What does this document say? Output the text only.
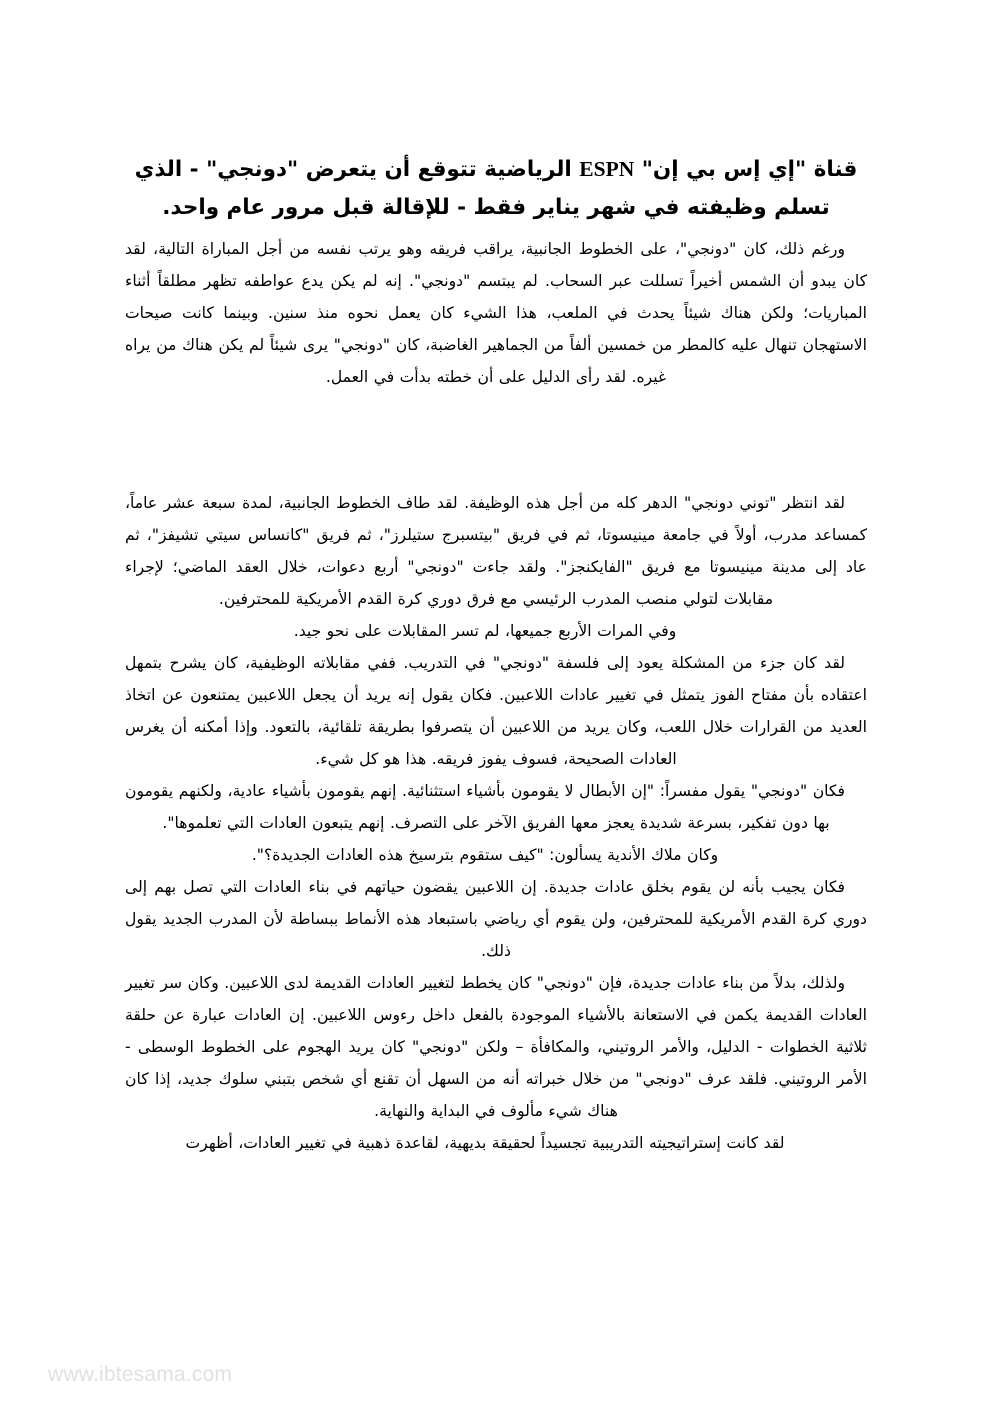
قناة "إي إس بي إن" ESPN الرياضية تتوقع أن يتعرض "دونجي" - الذي تسلم وظيفته في شهر يناير فقط - للإقالة قبل مرور عام واحد.

ورغم ذلك، كان "دونجي"، على الخطوط الجانبية، يراقب فريقه وهو يرتب نفسه من أجل المباراة التالية، لقد كان يبدو أن الشمس أخيراً تسللت عبر السحاب. لم يبتسم "دونجي". إنه لم يكن يدع عواطفه تظهر مطلقاً أثناء المباريات؛ ولكن هناك شيئاً يحدث في الملعب، هذا الشيء كان يعمل نحوه منذ سنين. وبينما كانت صيحات الاستهجان تنهال عليه كالمطر من خمسين ألفاً من الجماهير الغاضبة، كان "دونجي" يرى شيئاً لم يكن هناك من يراه غيره. لقد رأى الدليل على أن خطته بدأت في العمل.

لقد انتظر "توني دونجي" الدهر كله من أجل هذه الوظيفة. لقد طاف الخطوط الجانبية، لمدة سبعة عشر عاماً، كمساعد مدرب، أولاً في جامعة مينيسوتا، ثم في فريق "بيتسبرج ستيلرز"، ثم فريق "كانساس سيتي تشيفز"، ثم عاد إلى مدينة مينيسوتا مع فريق "الفايكنجز". ولقد جاءت "دونجي" أربع دعوات، خلال العقد الماضي؛ لإجراء مقابلات لتولي منصب المدرب الرئيسي مع فرق دوري كرة القدم الأمريكية للمحترفين.

وفي المرات الأربع جميعها، لم تسر المقابلات على نحو جيد.

لقد كان جزء من المشكلة يعود إلى فلسفة "دونجي" في التدريب. ففي مقابلاته الوظيفية، كان يشرح بتمهل اعتقاده بأن مفتاح الفوز يتمثل في تغيير عادات اللاعبين. فكان يقول إنه يريد أن يجعل اللاعبين يمتنعون عن اتخاذ العديد من القرارات خلال اللعب، وكان يريد من اللاعبين أن يتصرفوا بطريقة تلقائية، بالتعود. وإذا أمكنه أن يغرس العادات الصحيحة، فسوف يفوز فريقه. هذا هو كل شيء.

فكان "دونجي" يقول مفسراً: "إن الأبطال لا يقومون بأشياء استثنائية. إنهم يقومون بأشياء عادية، ولكنهم يقومون بها دون تفكير، بسرعة شديدة يعجز معها الفريق الآخر على التصرف. إنهم يتبعون العادات التي تعلموها".

وكان ملاك الأندية يسألون: "كيف ستقوم بترسيخ هذه العادات الجديدة؟".

فكان يجيب بأنه لن يقوم بخلق عادات جديدة. إن اللاعبين يقضون حياتهم في بناء العادات التي تصل بهم إلى دوري كرة القدم الأمريكية للمحترفين، ولن يقوم أي رياضي باستبعاد هذه الأنماط ببساطة لأن المدرب الجديد يقول ذلك.

ولذلك، بدلاً من بناء عادات جديدة، فإن "دونجي" كان يخطط لتغيير العادات القديمة لدى اللاعبين. وكان سر تغيير العادات القديمة يكمن في الاستعانة بالأشياء الموجودة بالفعل داخل رءوس اللاعبين. إن العادات عبارة عن حلقة ثلاثية الخطوات - الدليل، والأمر الروتيني، والمكافأة – ولكن "دونجي" كان يريد الهجوم على الخطوط الوسطى - الأمر الروتيني. فلقد عرف "دونجي" من خلال خبراته أنه من السهل أن تقنع أي شخص بتبني سلوك جديد، إذا كان هناك شيء مألوف في البداية والنهاية.

لقد كانت إستراتيجيته التدريبية تجسيداً لحقيقة بديهية، لقاعدة ذهبية في تغيير العادات، أظهرت

www.ibtesama.com
